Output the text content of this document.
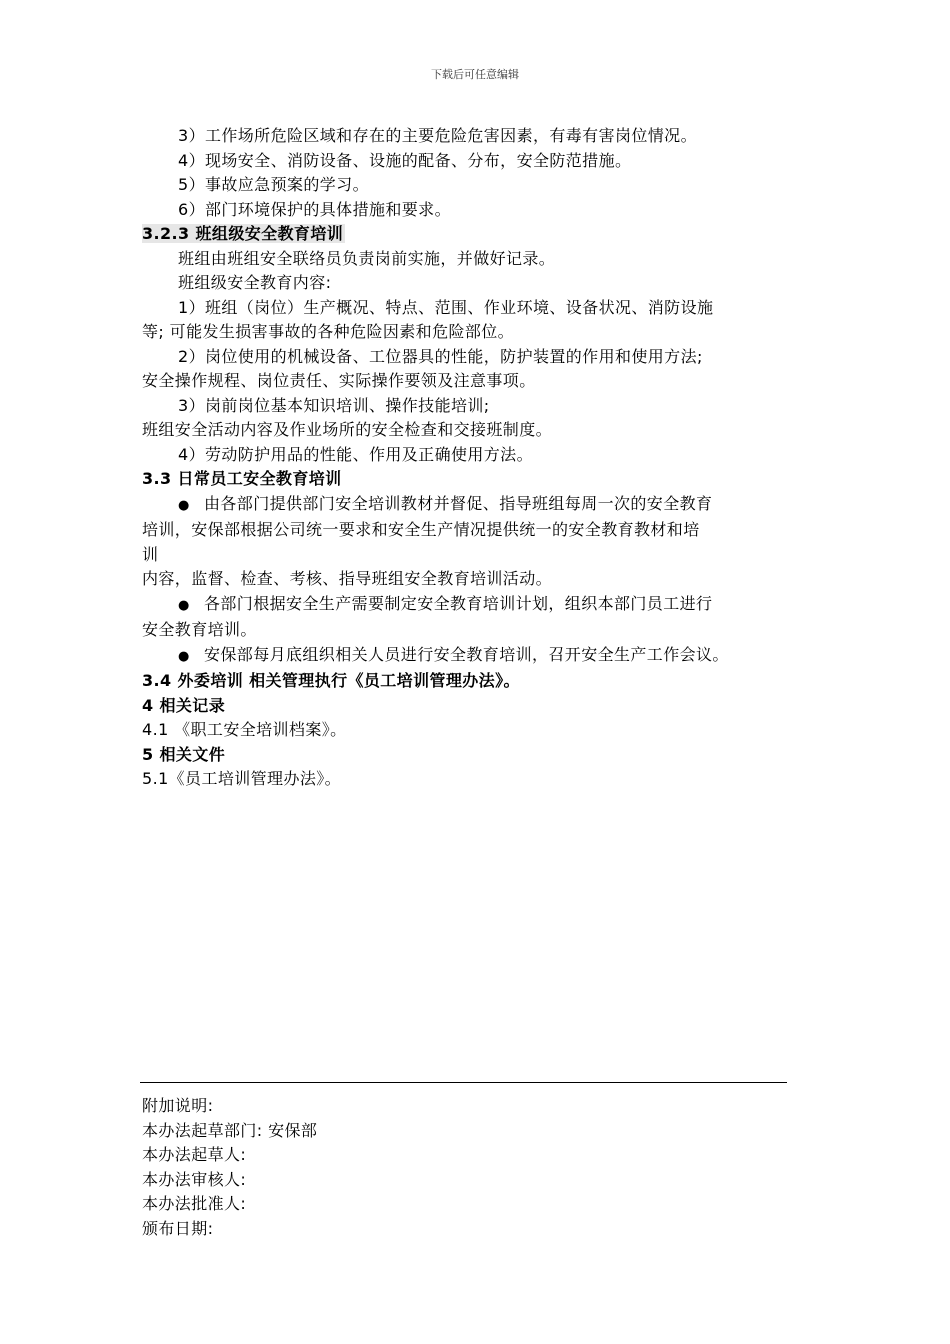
下载后可任意编辑
3）工作场所危险区域和存在的主要危险危害因素，有毒有害岗位情况。
4）现场安全、消防设备、设施的配备、分布，安全防范措施。
5）事故应急预案的学习。
6）部门环境保护的具体措施和要求。
3.2.3 班组级安全教育培训
班组由班组安全联络员负责岗前实施，并做好记录。
班组级安全教育内容:
1）班组（岗位）生产概况、特点、范围、作业环境、设备状况、消防设施
等; 可能发生损害事故的各种危险因素和危险部位。
2）岗位使用的机械设备、工位器具的性能，防护装置的作用和使用方法;
安全操作规程、岗位责任、实际操作要领及注意事项。
3）岗前岗位基本知识培训、操作技能培训;
班组安全活动内容及作业场所的安全检查和交接班制度。
4）劳动防护用品的性能、作用及正确使用方法。
3.3 日常员工安全教育培训
● 由各部门提供部门安全培训教材并督促、指导班组每周一次的安全教育
培训，安保部根据公司统一要求和安全生产情况提供统一的安全教育教材和培
训
内容，监督、检查、考核、指导班组安全教育培训活动。
● 各部门根据安全生产需要制定安全教育培训计划，组织本部门员工进行
安全教育培训。
● 安保部每月底组织相关人员进行安全教育培训，召开安全生产工作会议。
3.4 外委培训 相关管理执行《员工培训管理办法》。
4 相关记录
4.1 《职工安全培训档案》。
5 相关文件
5.1《员工培训管理办法》。
附加说明:
本办法起草部门: 安保部
本办法起草人:
本办法审核人:
本办法批准人:
颁布日期:
